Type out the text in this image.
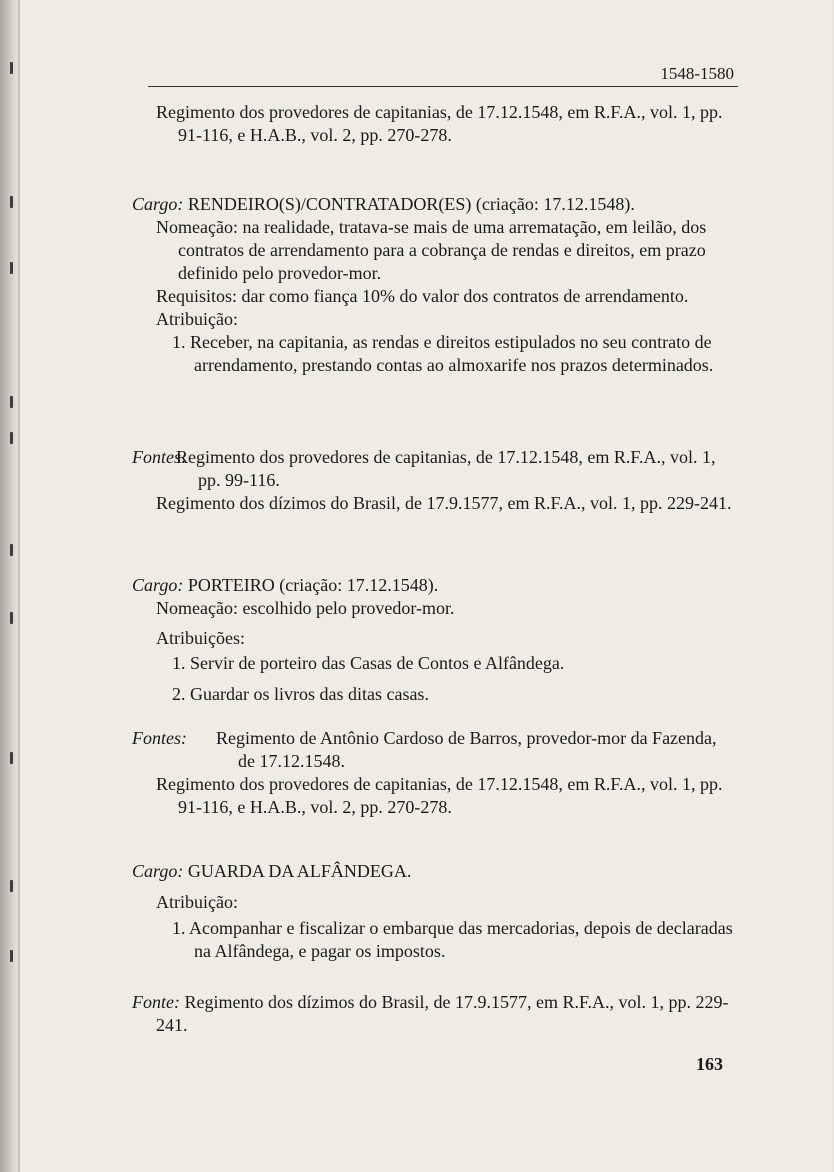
1548-1580

Regimento dos provedores de capitanias, de 17.12.1548, em R.F.A., vol. 1, pp. 91-116, e H.A.B., vol. 2, pp. 270-278.

Cargo: RENDEIRO(S)/CONTRATADOR(ES) (criação: 17.12.1548).

Nomeação: na realidade, tratava-se mais de uma arrematação, em leilão, dos contratos de arrendamento para a cobrança de rendas e direitos, em prazo definido pelo provedor-mor.

Requisitos: dar como fiança 10% do valor dos contratos de arrendamento.

Atribuição:

1. Receber, na capitania, as rendas e direitos estipulados no seu contrato de arrendamento, prestando contas ao almoxarife nos prazos determinados.

Fontes:

Regimento dos provedores de capitanias, de 17.12.1548, em R.F.A., vol. 1, pp. 99-116.

Regimento dos dízimos do Brasil, de 17.9.1577, em R.F.A., vol. 1, pp. 229-241.

Cargo: PORTEIRO (criação: 17.12.1548).
Nomeação: escolhido pelo provedor-mor.
Atribuições:
1. Servir de porteiro das Casas de Contos e Alfândega.
2. Guardar os livros das ditas casas.
Fontes:	Regimento de Antônio Cardoso de Barros, provedor-mor da Fazenda, de 17.12.1548.

Regimento dos provedores de capitanias, de 17.12.1548, em R.F.A., vol. 1, pp. 91-116, e H.A.B., vol. 2, pp. 270-278.

Cargo: GUARDA DA ALFÂNDEGA.
Atribuição:

1. Acompanhar e fiscalizar o embarque das mercadorias, depois de declaradas na Alfândega, e pagar os impostos.

Fonte: Regimento dos dízimos do Brasil, de 17.9.1577, em R.F.A., vol. 1, pp. 229-241.

163
